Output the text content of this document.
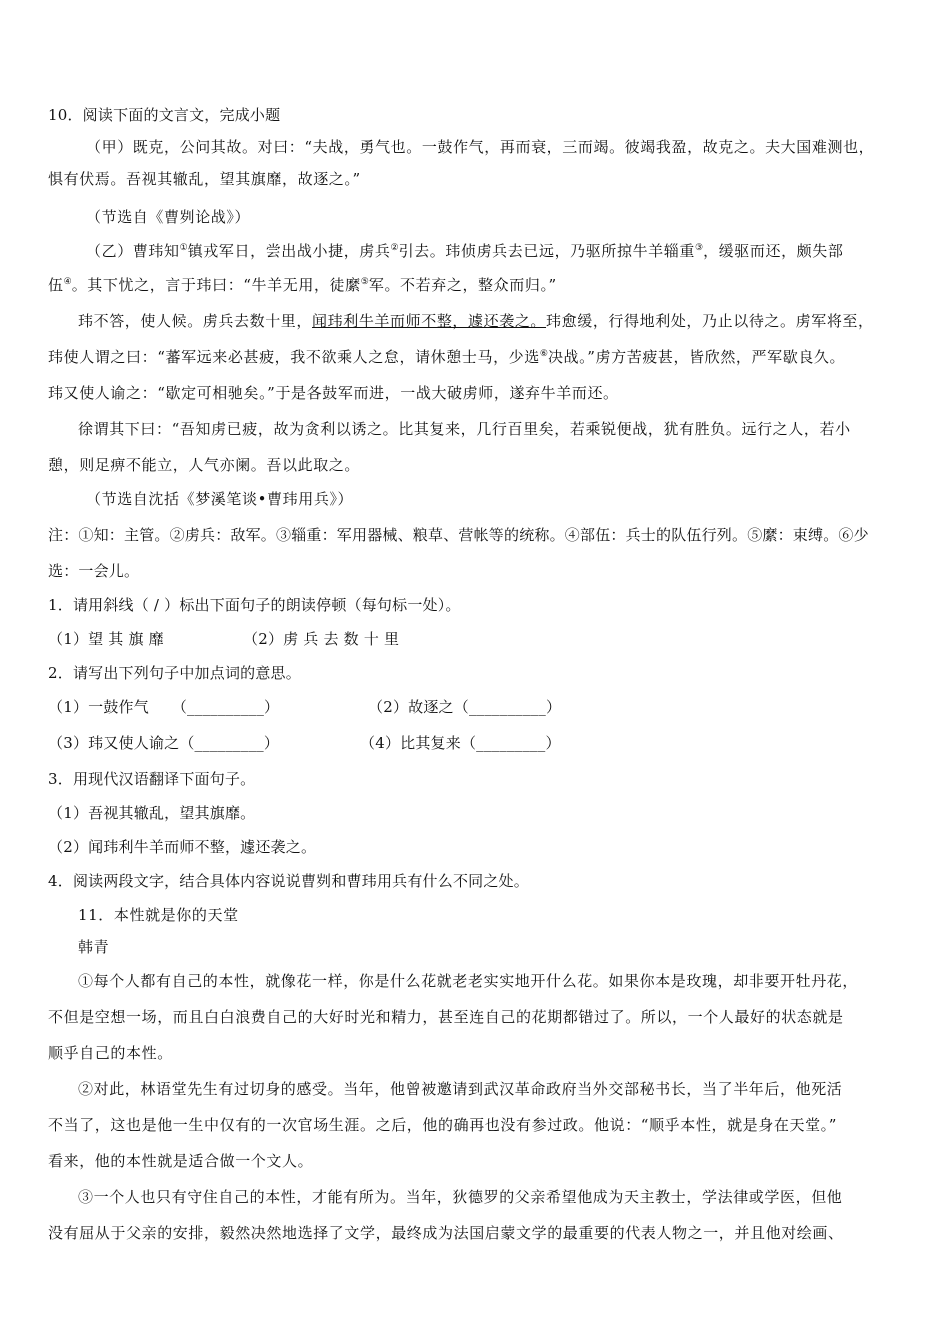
10．阅读下面的文言文，完成小题
（甲）既克，公问其故。对曰：“夫战，勇气也。一鼓作气，再而衰，三而竭。彼竭我盈，故克之。夫大国难测也，
惧有伏焉。吾视其辙乱，望其旗靡，故逐之。”
（节选自《曹刿论战》）
（乙）曹玮知①镇戎军日，尝出战小捷，虏兵②引去。玮侦虏兵去已远，乃驱所掠牛羊辎重③，缓驱而还，颇失部
伍④。其下忧之，言于玮曰：“牛羊无用，徒縻⑤军。不若弃之，整众而归。”
玮不答，使人候。虏兵去数十里，闻玮利牛羊而师不整，遽还袭之。玮愈缓，行得地利处，乃止以待之。虏军将至，
玮使人谓之曰：“蕃军远来必甚疲，我不欲乘人之怠，请休憩士马，少选⑥决战。”虏方苦疲甚，皆欣然，严军歇良久。
玮又使人谕之：“歇定可相驰矣。”于是各鼓军而进，一战大破虏师，遂弃牛羊而还。
徐谓其下曰：“吾知虏已疲，故为贪利以诱之。比其复来，几行百里矣，若乘锐便战，犹有胜负。远行之人，若小
憩，则足痹不能立，人气亦阑。吾以此取之。
（节选自沈括《梦溪笔谈•曹玮用兵》）
注：①知：主管。②虏兵：敌军。③辎重：军用器械、粮草、营帐等的统称。④部伍：兵士的队伍行列。⑤縻：束缚。⑥少
选：一会儿。
1．请用斜线（ / ）标出下面句子的朗读停顿（每句标一处）。
（1）望 其 旗 靡	（2）虏 兵 去 数 十 里
2．请写出下列句子中加点词的意思。
（1）一鼓作气　　（__________）	（2）故逐之（__________）
（3）玮又使人谕之（_________）	（4）比其复来（_________）
3．用现代汉语翻译下面句子。
（1）吾视其辙乱，望其旗靡。
（2）闻玮利牛羊而师不整，遽还袭之。
4．阅读两段文字，结合具体内容说说曹刿和曹玮用兵有什么不同之处。
11．本性就是你的天堂
韩青
①每个人都有自己的本性，就像花一样，你是什么花就老老实实地开什么花。如果你本是玫瑰，却非要开牡丹花，
不但是空想一场，而且白白浪费自己的大好时光和精力，甚至连自己的花期都错过了。所以，一个人最好的状态就是
顺乎自己的本性。
②对此，林语堂先生有过切身的感受。当年，他曾被邀请到武汉革命政府当外交部秘书长，当了半年后，他死活
不当了，这也是他一生中仅有的一次官场生涯。之后，他的确再也没有参过政。他说：“顺乎本性，就是身在天堂。”
看来，他的本性就是适合做一个文人。
③一个人也只有守住自己的本性，才能有所为。当年，狄德罗的父亲希望他成为天主教士，学法律或学医，但他
没有屈从于父亲的安排，毅然决然地选择了文学，最终成为法国启蒙文学的最重要的代表人物之一，并且他对绘画、
